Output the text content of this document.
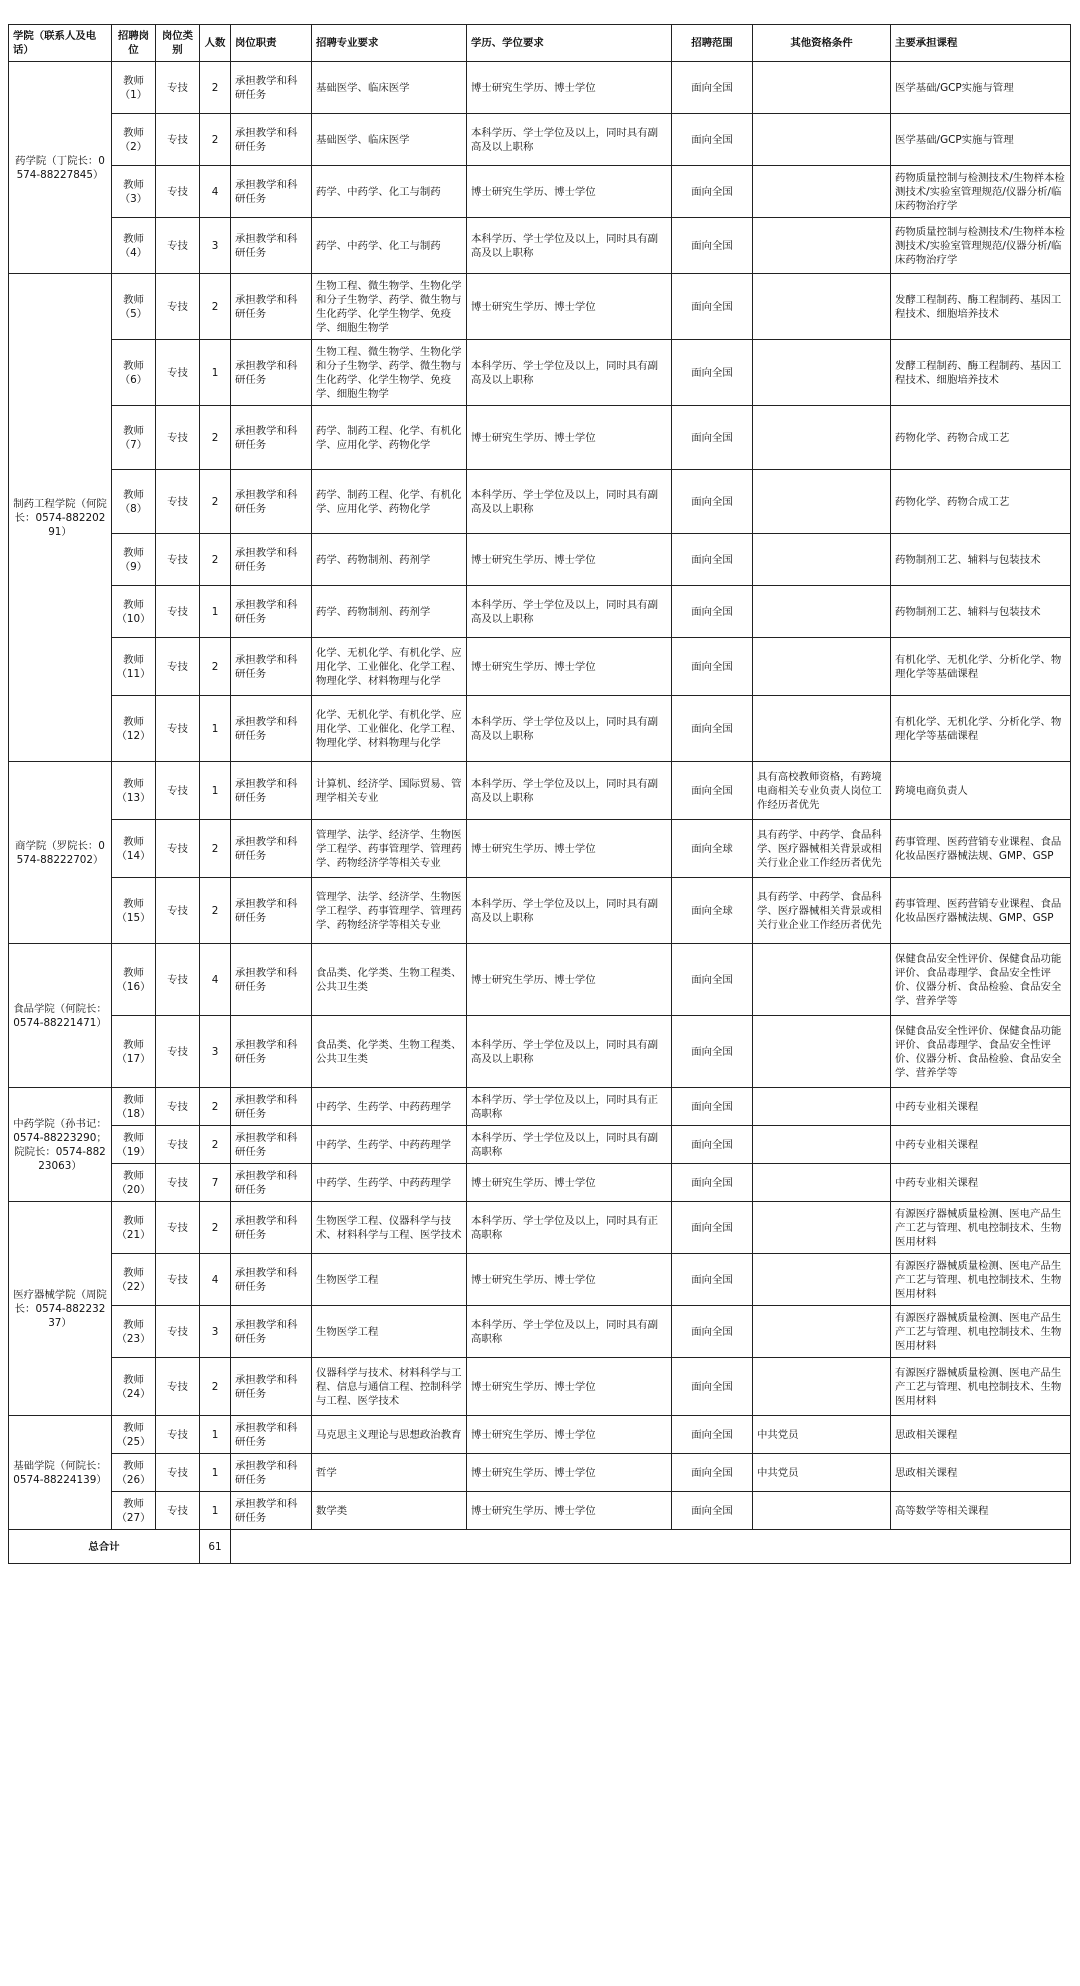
学院（联系人及电话）	招聘岗位	岗位类别	人数	岗位职责	招聘专业要求	学历、学位要求	招聘范围	其他资格条件	主要承担课程
药学院（丁院长：0574-88227845）	教师（1）	专技	2	承担教学和科研任务	基础医学、临床医学	博士研究生学历、博士学位	面向全国		医学基础/GCP实施与管理
	教师（2）	专技	2	承担教学和科研任务	基础医学、临床医学	本科学历、学士学位及以上，同时具有副高及以上职称	面向全国		医学基础/GCP实施与管理
	教师（3）	专技	4	承担教学和科研任务	药学、中药学、化工与制药	博士研究生学历、博士学位	面向全国		药物质量控制与检测技术/生物样本检测技术/实验室管理规范/仪器分析/临床药物治疗学
	教师（4）	专技	3	承担教学和科研任务	药学、中药学、化工与制药	本科学历、学士学位及以上，同时具有副高及以上职称	面向全国		药物质量控制与检测技术/生物样本检测技术/实验室管理规范/仪器分析/临床药物治疗学
制药工程学院（何院长：0574-88220291）	教师（5）	专技	2	承担教学和科研任务	生物工程、微生物学、生物化学和分子生物学、药学、微生物与生化药学、化学生物学、免疫学、细胞生物学	博士研究生学历、博士学位	面向全国		发酵工程制药、酶工程制药、基因工程技术、细胞培养技术
	教师（6）	专技	1	承担教学和科研任务	生物工程、微生物学、生物化学和分子生物学、药学、微生物与生化药学、化学生物学、免疫学、细胞生物学	本科学历、学士学位及以上，同时具有副高及以上职称	面向全国		发酵工程制药、酶工程制药、基因工程技术、细胞培养技术
	教师（7）	专技	2	承担教学和科研任务	药学、制药工程、化学、有机化学、应用化学、药物化学	博士研究生学历、博士学位	面向全国		药物化学、药物合成工艺
	教师（8）	专技	2	承担教学和科研任务	药学、制药工程、化学、有机化学、应用化学、药物化学	本科学历、学士学位及以上，同时具有副高及以上职称	面向全国		药物化学、药物合成工艺
	教师（9）	专技	2	承担教学和科研任务	药学、药物制剂、药剂学	博士研究生学历、博士学位	面向全国		药物制剂工艺、辅料与包装技术
	教师（10）	专技	1	承担教学和科研任务	药学、药物制剂、药剂学	本科学历、学士学位及以上，同时具有副高及以上职称	面向全国		药物制剂工艺、辅料与包装技术
	教师（11）	专技	2	承担教学和科研任务	化学、无机化学、有机化学、应用化学、工业催化、化学工程、物理化学、材料物理与化学	博士研究生学历、博士学位	面向全国		有机化学、无机化学、分析化学、物理化学等基础课程
	教师（12）	专技	1	承担教学和科研任务	化学、无机化学、有机化学、应用化学、工业催化、化学工程、物理化学、材料物理与化学	本科学历、学士学位及以上，同时具有副高及以上职称	面向全国		有机化学、无机化学、分析化学、物理化学等基础课程
商学院（罗院长：0574-88222702）	教师（13）	专技	1	承担教学和科研任务	计算机、经济学、国际贸易、管理学相关专业	本科学历、学士学位及以上，同时具有副高及以上职称	面向全国	具有高校教师资格，有跨境电商相关专业负责人岗位工作经历者优先	跨境电商负责人
	教师（14）	专技	2	承担教学和科研任务	管理学、法学、经济学、生物医学工程学、药事管理学、管理药学、药物经济学等相关专业	博士研究生学历、博士学位	面向全球	具有药学、中药学、食品科学、医疗器械相关背景或相关行业企业工作经历者优先	药事管理、医药营销专业课程、食品化妆品医疗器械法规、GMP、GSP
	教师（15）	专技	2	承担教学和科研任务	管理学、法学、经济学、生物医学工程学、药事管理学、管理药学、药物经济学等相关专业	本科学历、学士学位及以上，同时具有副高及以上职称	面向全球	具有药学、中药学、食品科学、医疗器械相关背景或相关行业企业工作经历者优先	药事管理、医药营销专业课程、食品化妆品医疗器械法规、GMP、GSP
食品学院（何院长：0574-88221471）	教师（16）	专技	4	承担教学和科研任务	食品类、化学类、生物工程类、公共卫生类	博士研究生学历、博士学位	面向全国		保健食品安全性评价、保健食品功能评价、食品毒理学、食品安全性评价、仪器分析、食品检验、食品安全学、营养学等
	教师（17）	专技	3	承担教学和科研任务	食品类、化学类、生物工程类、公共卫生类	本科学历、学士学位及以上，同时具有副高及以上职称	面向全国		保健食品安全性评价、保健食品功能评价、食品毒理学、食品安全性评价、仪器分析、食品检验、食品安全学、营养学等
中药学院（孙书记：0574-88223290；院院长：0574-88223063）	教师（18）	专技	2	承担教学和科研任务	中药学、生药学、中药药理学	本科学历、学士学位及以上，同时具有正高职称	面向全国		中药专业相关课程
	教师（19）	专技	2	承担教学和科研任务	中药学、生药学、中药药理学	本科学历、学士学位及以上，同时具有副高职称	面向全国		中药专业相关课程
	教师（20）	专技	7	承担教学和科研任务	中药学、生药学、中药药理学	博士研究生学历、博士学位	面向全国		中药专业相关课程
医疗器械学院（周院长：0574-88223237）	教师（21）	专技	2	承担教学和科研任务	生物医学工程、仪器科学与技术、材料科学与工程、医学技术	本科学历、学士学位及以上，同时具有正高职称	面向全国		有源医疗器械质量检测、医电产品生产工艺与管理、机电控制技术、生物医用材料
	教师（22）	专技	4	承担教学和科研任务	生物医学工程	博士研究生学历、博士学位	面向全国		有源医疗器械质量检测、医电产品生产工艺与管理、机电控制技术、生物医用材料
	教师（23）	专技	3	承担教学和科研任务	生物医学工程	本科学历、学士学位及以上，同时具有副高职称	面向全国		有源医疗器械质量检测、医电产品生产工艺与管理、机电控制技术、生物医用材料
	教师（24）	专技	2	承担教学和科研任务	仪器科学与技术、材料科学与工程、信息与通信工程、控制科学与工程、医学技术	博士研究生学历、博士学位	面向全国		有源医疗器械质量检测、医电产品生产工艺与管理、机电控制技术、生物医用材料
基础学院（何院长：0574-88224139）	教师（25）	专技	1	承担教学和科研任务	马克思主义理论与思想政治教育	博士研究生学历、博士学位	面向全国	中共党员	思政相关课程
	教师（26）	专技	1	承担教学和科研任务	哲学	博士研究生学历、博士学位	面向全国	中共党员	思政相关课程
	教师（27）	专技	1	承担教学和科研任务	数学类	博士研究生学历、博士学位	面向全国		高等数学等相关课程
总合计			61						
